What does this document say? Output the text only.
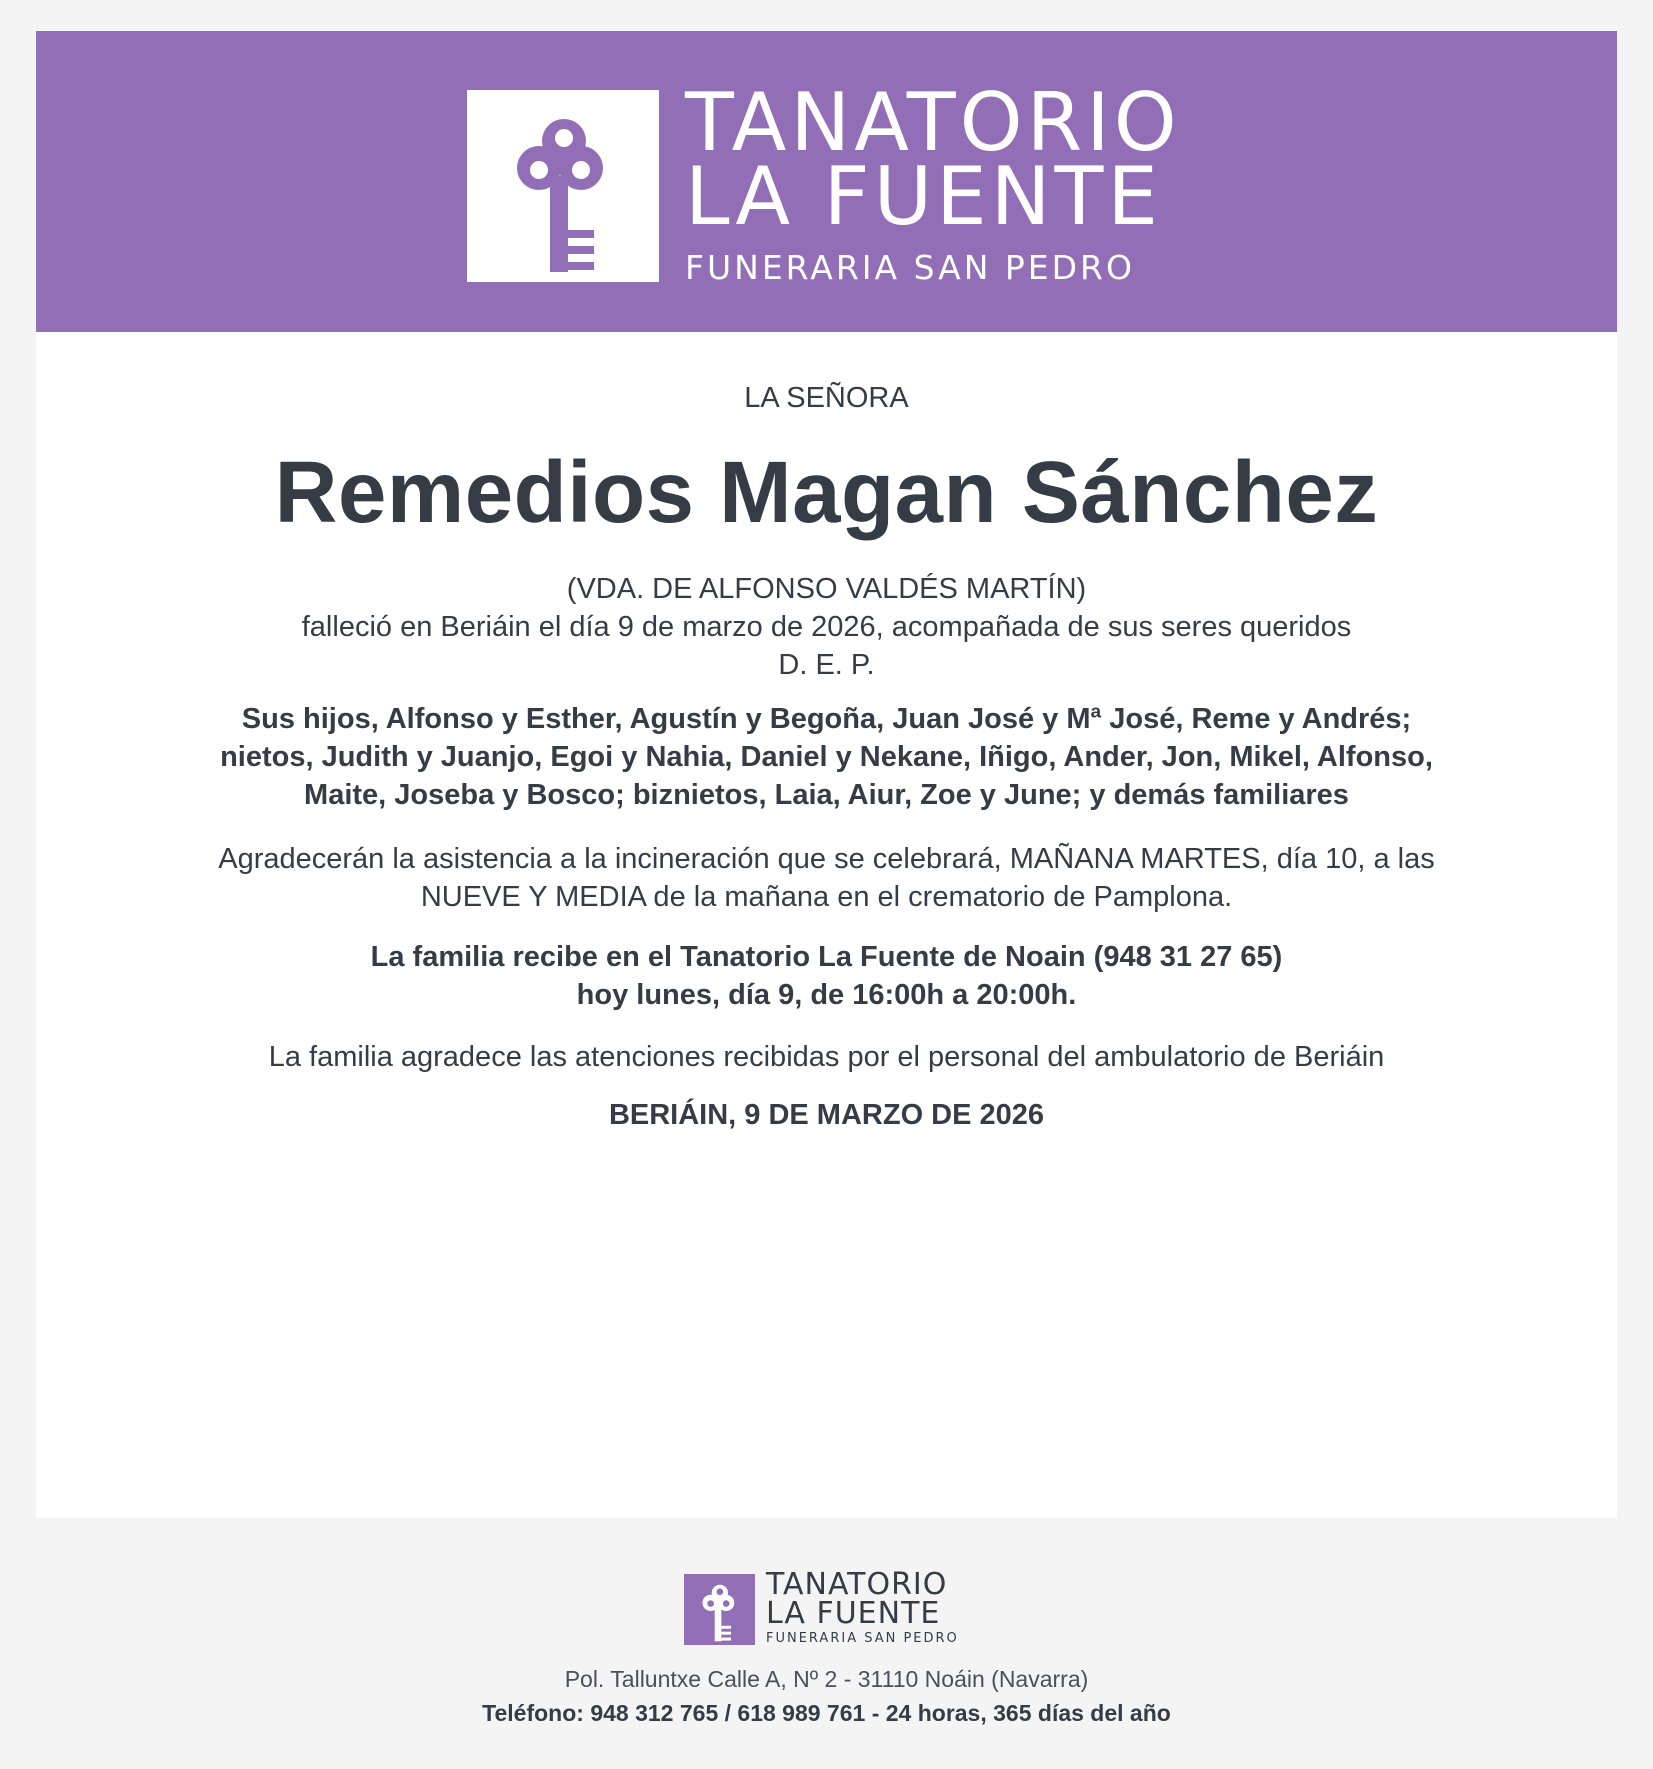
TANATORIO
LA FUENTE
FUNERARIA SAN PEDRO
LA SEÑORA
Remedios Magan Sánchez
(VDA. DE ALFONSO VALDÉS MARTÍN)
falleció en Beriáin el día 9 de marzo de 2026, acompañada de sus seres queridos
D. E. P.
Sus hijos, Alfonso y Esther, Agustín y Begoña, Juan José y Mª José, Reme y Andrés;
nietos, Judith y Juanjo, Egoi y Nahia, Daniel y Nekane, Iñigo, Ander, Jon, Mikel, Alfonso,
Maite, Joseba y Bosco; biznietos, Laia, Aiur, Zoe y June; y demás familiares
Agradecerán la asistencia a la incineración que se celebrará, MAÑANA MARTES, día 10, a las
NUEVE Y MEDIA de la mañana en el crematorio de Pamplona.
La familia recibe en el Tanatorio La Fuente de Noain (948 31 27 65)
hoy lunes, día 9, de 16:00h a 20:00h.
La familia agradece las atenciones recibidas por el personal del ambulatorio de Beriáin
BERIÁIN, 9 DE MARZO DE 2026
TANATORIO
LA FUENTE
FUNERARIA SAN PEDRO
Pol. Talluntxe Calle A, Nº 2 - 31110 Noáin (Navarra)
Teléfono: 948 312 765 / 618 989 761 - 24 horas, 365 días del año
